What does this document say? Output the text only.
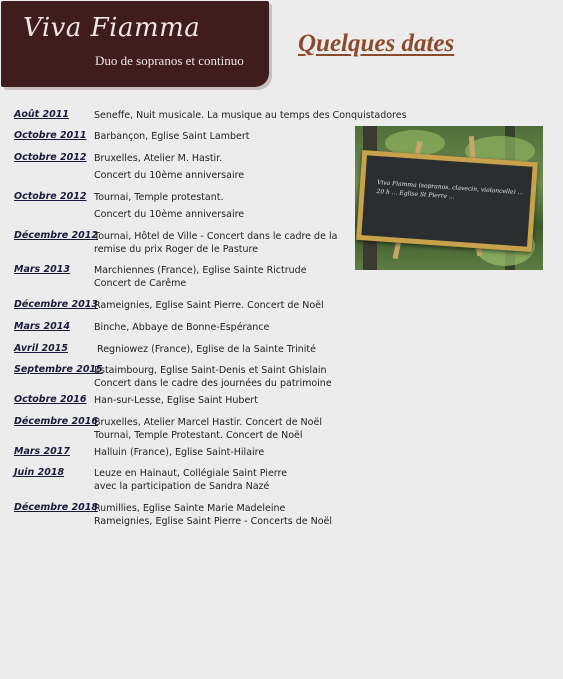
Viva Fiamma
Duo de sopranos et continuo
Quelques dates
Août 2011	Seneffe, Nuit musicale. La musique au temps des Conquistadores
Octobre 2011 Barbançon, Eglise Saint Lambert
Octobre 2012 Bruxelles, Atelier M. Hastir.
Concert du 10ème anniversaire
Octobre 2012 Tournai, Temple protestant.
Concert du 10ème anniversaire
Décembre 2012
Tournai, Hôtel de Ville - Concert dans le cadre de la remise du prix Roger de le Pasture
Mars 2013	Marchiennes (France), Eglise Sainte Rictrude
Concert de Carême
Décembre 2013
Rameignies, Eglise Saint Pierre. Concert de Noël
Mars 2014	Binche, Abbaye de Bonne-Espérance
Avril 2015	Regniowez (France), Eglise de la Sainte Trinité
Septembre 2015
Estaimbourg, Eglise Saint-Denis et Saint Ghislain
Concert dans le cadre des journées du patrimoine
Octobre 2016 Han-sur-Lesse, Eglise Saint Hubert
Décembre 2016
Bruxelles, Atelier Marcel Hastir. Concert de Noël
Tournai, Temple Protestant. Concert de Noël
Mars 2017	Halluin (France), Eglise Saint-Hilaire
Juin 2018	Leuze en Hainaut, Collégiale Saint Pierre
avec la participation de Sandra Nazé
Décembre 2018
Rumillies, Eglise Sainte Marie Madeleine
Rameignies, Eglise Saint Pierre - Concerts de Noël
Viva Fiamma (sopranos, clavecin, violoncelle) ... 20 h ... Eglise St Pierre ...
